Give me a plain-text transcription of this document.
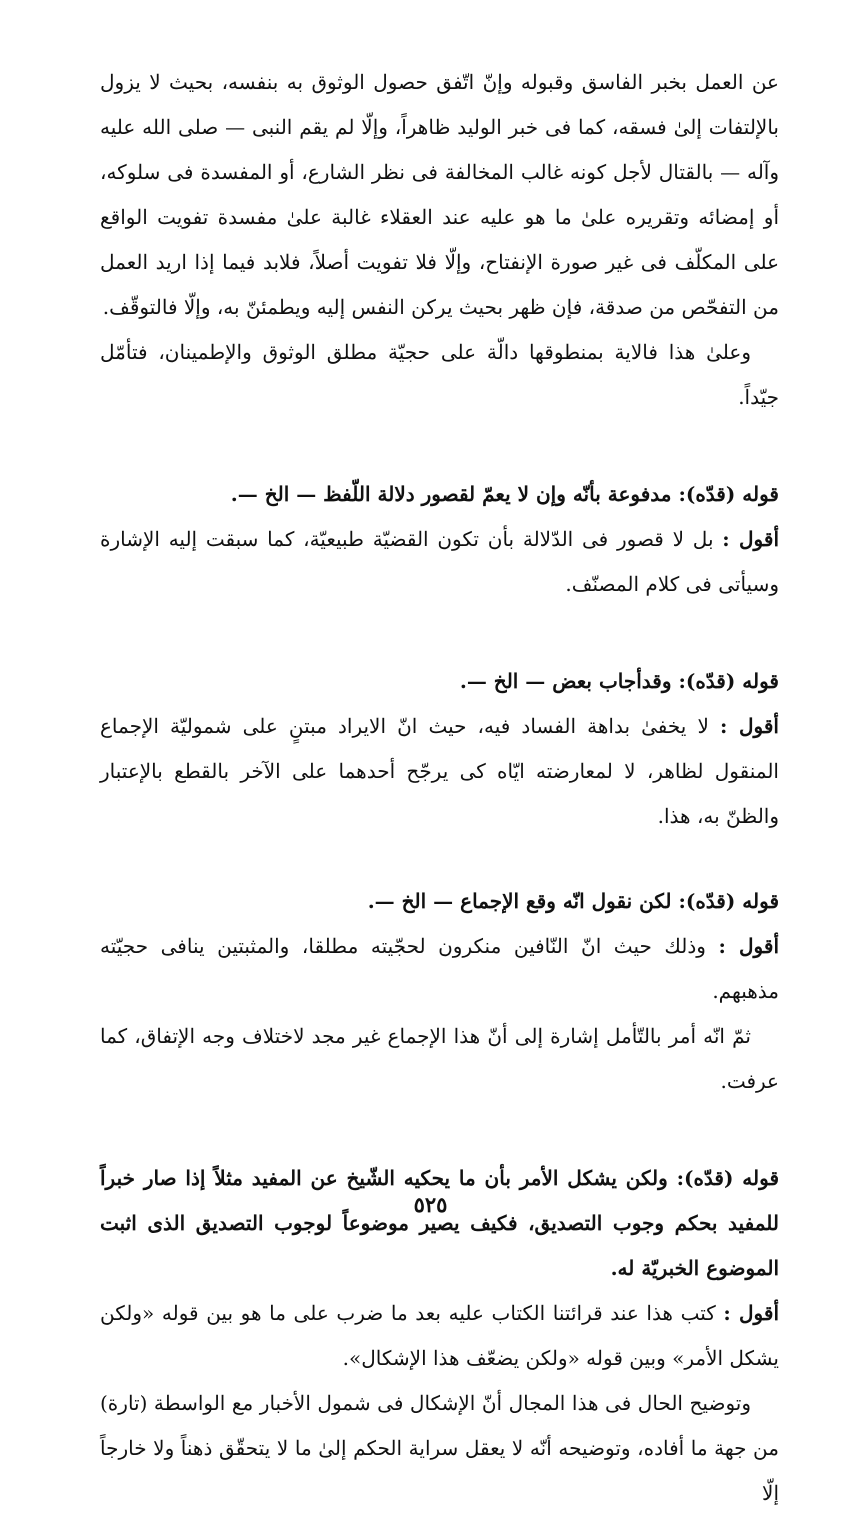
عن العمل بخبر الفاسق وقبوله وإنّ اتّفق حصول الوثوق به بنفسه، بحيث لا يزول بالإلتفات إلىٰ فسقه، كما فى خبر الوليد ظاهراً، وإلّا لم يقم النبى — صلى الله عليه وآله — بالقتال لأجل كونه غالب المخالفة فى نظر الشارع، أو المفسدة فى سلوكه، أو إمضائه وتقريره علىٰ ما هو عليه عند العقلاء غالبة علىٰ مفسدة تفويت الواقع على المكلّف فى غير صورة الإنفتاح، وإلّا فلا تفويت أصلاً، فلابد فيما إذا اريد العمل من التفحّص من صدقة، فإن ظهر بحيث يركن النفس إليه ويطمئنّ به، وإلّا فالتوقّف.

وعلىٰ هذا فالاية بمنطوقها دالّة على حجيّة مطلق الوثوق والإطمينان، فتأمّل جيّداً.

قوله (قدّه): مدفوعة بأنّه وإن لا يعمّ لقصور دلالة اللّفظ — الخ —.

أقول : بل لا قصور فى الدّلالة بأن تكون القضيّة طبيعيّة، كما سبقت إليه الإشارة وسيأتى فى كلام المصنّف.

قوله (قدّه): وقدأجاب بعض — الخ —.

أقول : لا يخفىٰ بداهة الفساد فيه، حيث انّ الايراد مبتنٍ على شموليّة الإجماع المنقول لظاهر، لا لمعارضته ايّاه كى يرجّح أحدهما على الآخر بالقطع بالإعتبار والظنّ به، هذا.

قوله (قدّه): لكن نقول انّه وقع الإجماع — الخ —.

أقول : وذلك حيث انّ النّافين منكرون لحجّيته مطلقا، والمثبتين ينافى حجيّته مذهبهم.

ثمّ انّه أمر بالتّأمل إشارة إلى أنّ هذا الإجماع غير مجد لاختلاف وجه الإتفاق، كما عرفت.

قوله (قدّه): ولكن يشكل الأمر بأن ما يحكيه الشّيخ عن المفيد مثلاً إذا صار خبراً للمفيد بحكم وجوب التصديق، فكيف يصير موضوعاً لوجوب التصديق الذى اثبت الموضوع الخبريّة له.

أقول : كتب هذا عند قرائتنا الكتاب عليه بعد ما ضرب على ما هو بين قوله «ولكن يشكل الأمر» وبين قوله «ولكن يضعّف هذا الإشكال».

وتوضيح الحال فى هذا المجال أنّ الإشكال فى شمول الأخبار مع الواسطة (تارة) من جهة ما أفاده، وتوضيحه أنّه لا يعقل سراية الحكم إلىٰ ما لا يتحقّق ذهناً ولا خارجاً إلّا

٥٢٥
